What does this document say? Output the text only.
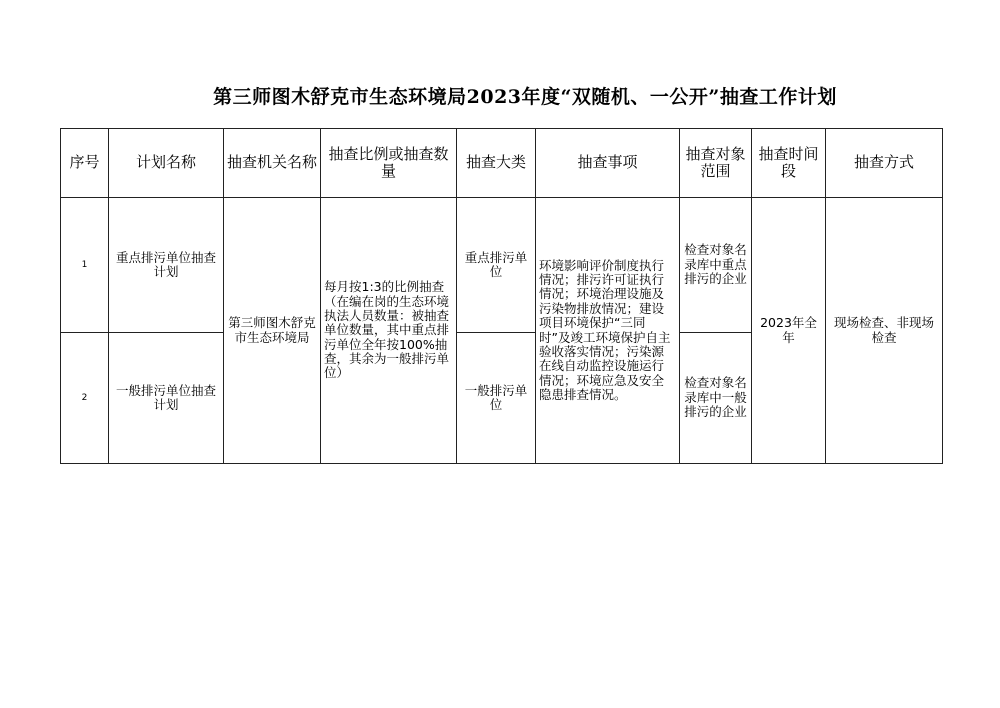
第三师图木舒克市生态环境局2023年度“双随机、一公开”抽查工作计划
序号	计划名称	抽查机关名称	抽查比例或抽查数量	抽查大类	抽查事项	抽查对象范围	抽查时间段	抽查方式
1	重点排污单位抽查计划	第三师图木舒克市生态环境局	每月按1:3的比例抽查（在编在岗的生态环境执法人员数量：被抽查单位数量，其中重点排污单位全年按100%抽查，其余为一般排污单位）	重点排污单位	环境影响评价制度执行情况；排污许可证执行情况；环境治理设施及污染物排放情况；建设项目环境保护“三同时”及竣工环境保护自主验收落实情况；污染源在线自动监控设施运行情况；环境应急及安全隐患排查情况。	检查对象名录库中重点排污的企业	2023年全年	现场检查、非现场检查
2	一般排污单位抽查计划			一般排污单位		检查对象名录库中一般排污的企业		
